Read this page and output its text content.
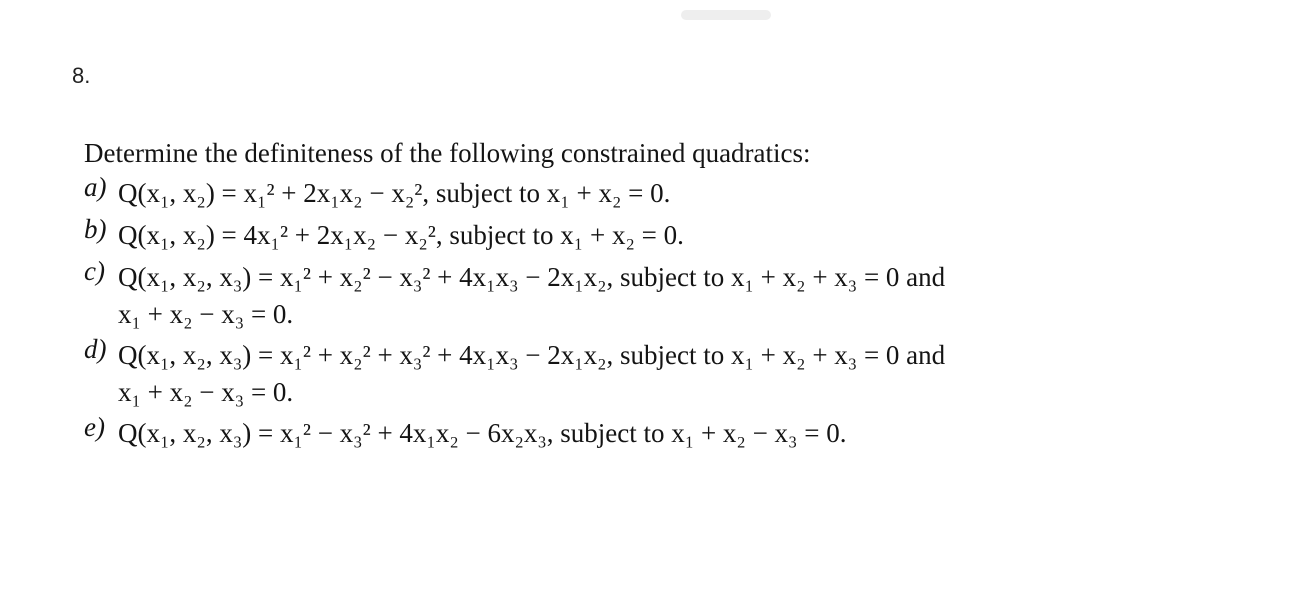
8.
Determine the definiteness of the following constrained quadratics:
a) Q(x₁, x₂) = x₁² + 2x₁x₂ − x₂², subject to x₁ + x₂ = 0.
b) Q(x₁, x₂) = 4x₁² + 2x₁x₂ − x₂², subject to x₁ + x₂ = 0.
c) Q(x₁, x₂, x₃) = x₁² + x₂² − x₃² + 4x₁x₃ − 2x₁x₂, subject to x₁ + x₂ + x₃ = 0 and
x₁ + x₂ − x₃ = 0.
d) Q(x₁, x₂, x₃) = x₁² + x₂² + x₃² + 4x₁x₃ − 2x₁x₂, subject to x₁ + x₂ + x₃ = 0 and
x₁ + x₂ − x₃ = 0.
e) Q(x₁, x₂, x₃) = x₁² − x₃² + 4x₁x₂ − 6x₂x₃, subject to x₁ + x₂ − x₃ = 0.
